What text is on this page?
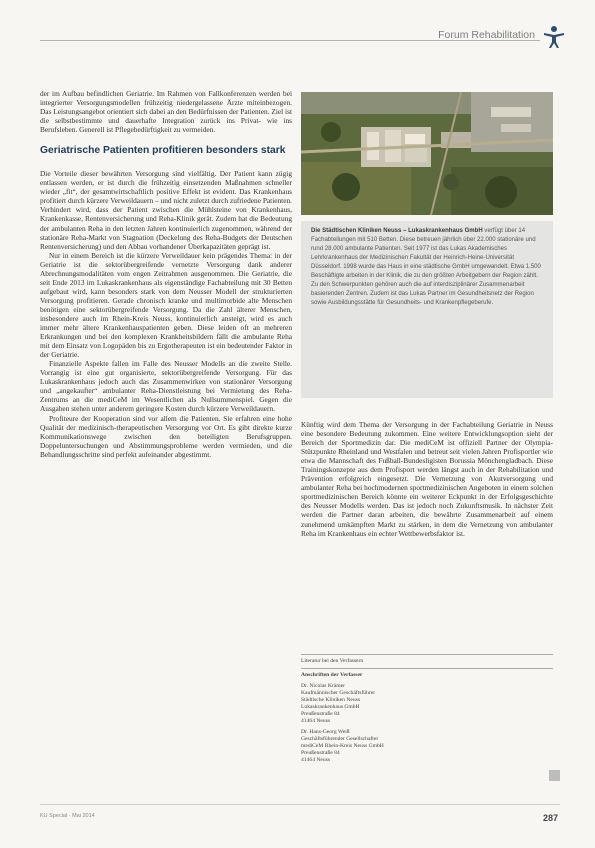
Forum Rehabilitation

der im Aufbau befindlichen Geriatrie. Im Rahmen von Fallkonferenzen werden bei integrierter Versorgungsmodellen frühzeitig niedergelassene Ärzte miteinbezogen. Das Leistungsangebot orientiert sich dabei an den Bedürfnissen der Patienten. Ziel ist die selbstbestimmte und dauerhafte Integration zurück ins Privat- wie ins Berufsleben. Generell ist Pflegebedürftigkeit zu vermeiden.

Geriatrische Patienten profitieren besonders stark

Die Vorteile dieser bewährten Versorgung sind vielfältig. Der Patient kann zügig entlassen werden, er ist durch die frühzeitig einsetzenden Maßnahmen schneller wieder „fit“, der gesamtwirtschaftlich positive Effekt ist evident. Das Krankenhaus profitiert durch kürzere Verweildauern – und nicht zuletzt durch zufriedene Patienten. Verhindert wird, dass der Patient zwischen die Mühlsteine von Krankenhaus, Krankenkasse, Rentenversicherung und Reha-Klinik gerät. Zudem hat die Bedeutung der ambulanten Reha in den letzten Jahren kontinuierlich zugenommen, während der stationäre Reha-Markt von Stagnation (Deckelung des Reha-Budgets der Deutschen Rentenversicherung) und den Abbau vorhandener Überkapazitäten geprägt ist.

Nur in einem Bereich ist die kürzere Verweildauer kein prägendes Thema: in der Geriatrie ist die sektorübergreifende vernetzte Versorgung dank anderer Abrechnungsmodalitäten vom engen Zeitrahmen ausgenommen. Die Geriatrie, die seit Ende 2013 im Lukaskrankenhaus als eigenständige Fachabteilung mit 30 Betten aufgebaut wird, kann besonders stark von dem Neusser Modell der strukturierten Versorgung profitieren. Gerade chronisch kranke und multimorbide alte Menschen benötigen eine sektorübergreifende Versorgung. Da die Zahl älterer Menschen, insbesondere auch im Rhein-Kreis Neuss, kontinuierlich ansteigt, wird es auch immer mehr ältere Krankenhauspatienten geben. Diese leiden oft an mehreren Erkrankungen und bei den komplexen Krankheitsbildern fällt die ambulante Reha mit dem Einsatz von Logopäden bis zu Ergotherapeuten ist ein bedeutender Faktor in der Geriatrie.

Finanzielle Aspekte fallen im Falle des Neusser Modells an die zweite Stelle. Vorrangig ist eine gut organisierte, sektorübergreifende Versorgung. Für das Lukaskrankenhaus jedoch auch das Zusammenwirken von stationärer Versorgung und „angekaufter“ ambulanter Reha-Dienstleistung bei Vermietung des Reha-Zentrums an die mediCeM im Wesentlichen als Nullsummenspiel. Gegen die Ausgaben stehen unter anderem geringere Kosten durch kürzere Verweildauern.

Profiteure der Kooperation sind vor allem die Patienten. Sie erfahren eine hohe Qualität der medizinisch-therapeutischen Versorgung vor Ort. Es gibt direkte kurze Kommunikationswege zwischen den beteiligten Berufsgruppen. Doppeluntersuchungen und Abstimmungsprobleme werden vermieden, und die Behandlungsschritte sind perfekt aufeinander abgestimmt.

Die Städtischen Kliniken Neuss – Lukaskrankenhaus GmbH verfügt über 14 Fachabteilungen mit 510 Betten. Diese betreuen jährlich über 22.000 stationäre und rund 28.000 ambulante Patienten. Seit 1977 ist das Lukas Akademisches Lehrkrankenhaus der Medizinischen Fakultät der Heinrich-Heine-Universität Düsseldorf. 1998 wurde das Haus in eine städtische GmbH umgewandelt. Etwa 1.500 Beschäftigte arbeiten in der Klinik, die zu den größten Arbeitgebern der Region zählt. Zu den Schwerpunkten gehören auch die auf interdisziplinärer Zusammenarbeit basierenden Zentren. Zudem ist das Lukas Partner im Gesundheitsnetz der Region sowie Ausbildungsstätte für Gesundheits- und Krankenpflegeberufe.

Künftig wird dem Thema der Versorgung in der Fachabteilung Geriatrie in Neuss eine besondere Bedeutung zukommen. Eine weitere Entwicklungsoption sieht der Bereich der Sportmedizin dar. Die mediCeM ist offiziell Partner der Olympia-Stützpunkte Rheinland und Westfalen und betreut seit vielen Jahren Profisportler wie etwa die Mannschaft des Fußball-Bundesligisten Borussia Mönchengladbach. Diese Trainingskonzepte aus dem Profisport werden längst auch in der Rehabilitation und Prävention erfolgreich eingesetzt. Die Vernetzung von Akutversorgung und ambulanter Reha bei hochmodernen sportmedizinischen Angeboten in einem solchen sportmedizinischen Bereich könnte ein weiterer Eckpunkt in der Erfolgsgeschichte des Neusser Modells werden. Das ist jedoch noch Zukunftsmusik. In nächster Zeit werden die Partner daran arbeiten, die bewährte Zusammenarbeit auf einem zunehmend umkämpften Markt zu stärken, in dem die Vernetzung von ambulanter Reha im Krankenhaus ein echter Wettbewerbsfaktor ist.

Literatur bei den Verfassern
Anschriften der Verfasser
Dr. Nicolas Krämer
Kaufmännischer Geschäftsführer
Städtische Kliniken Neuss
Lukaskrankenhaus GmbH
Preußenstraße 84
41464 Neuss
Dr. Hans-Georg Weiß
Geschäftsführender Gesellschafter
mediCeM Rhein-Kreis Neuss GmbH
Preußenstraße 84
41464 Neuss
KU Special · Mai 2014	287
